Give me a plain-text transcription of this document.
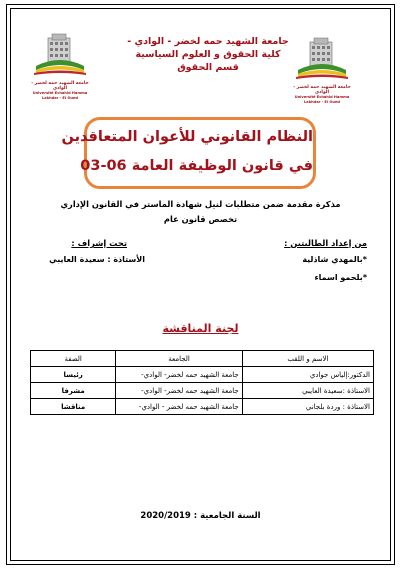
جامعة الشهيد حمه لخضر - الوادي
Université Echahid Hamma Lakhdar - El Oued
جامعة الشهيد حمه لخضر - الوادي
Université Echahid Hamma Lakhdar - El Oued
جامعة الشهيد حمه لخضر - الوادي -
كلية الحقوق و العلوم السياسية
قسم الحقوق
النظام القانوني للأعوان المتعاقدين
في قانون الوظيفة العامة 06-03
مذكرة مقدمة ضمن متطلبات لنيل شهادة الماستر في القانون الإداري
تخصص قانون عام
من إعداد الطالبتين :
*بالمهدي شاذلية
*بلحمو اسماء
تحت إشراف :
الأستاذة : سعيدة العايبي
لجنة المناقشة
الاسم و اللقب	الجامعة	الصفة
الدكتور:إلياس جوادي	جامعة الشهيد حمه لخضر- الوادي-	رئيسا
الاستاذة :سعيدة العايبي	جامعة الشهيد حمه لخضر- الوادي-	مشرفا
الاستاذة : وردة بلجاني	جامعة الشهيد حمه لخضر - الوادي-	مناقشا
السنة الجامعية : 2020/2019
